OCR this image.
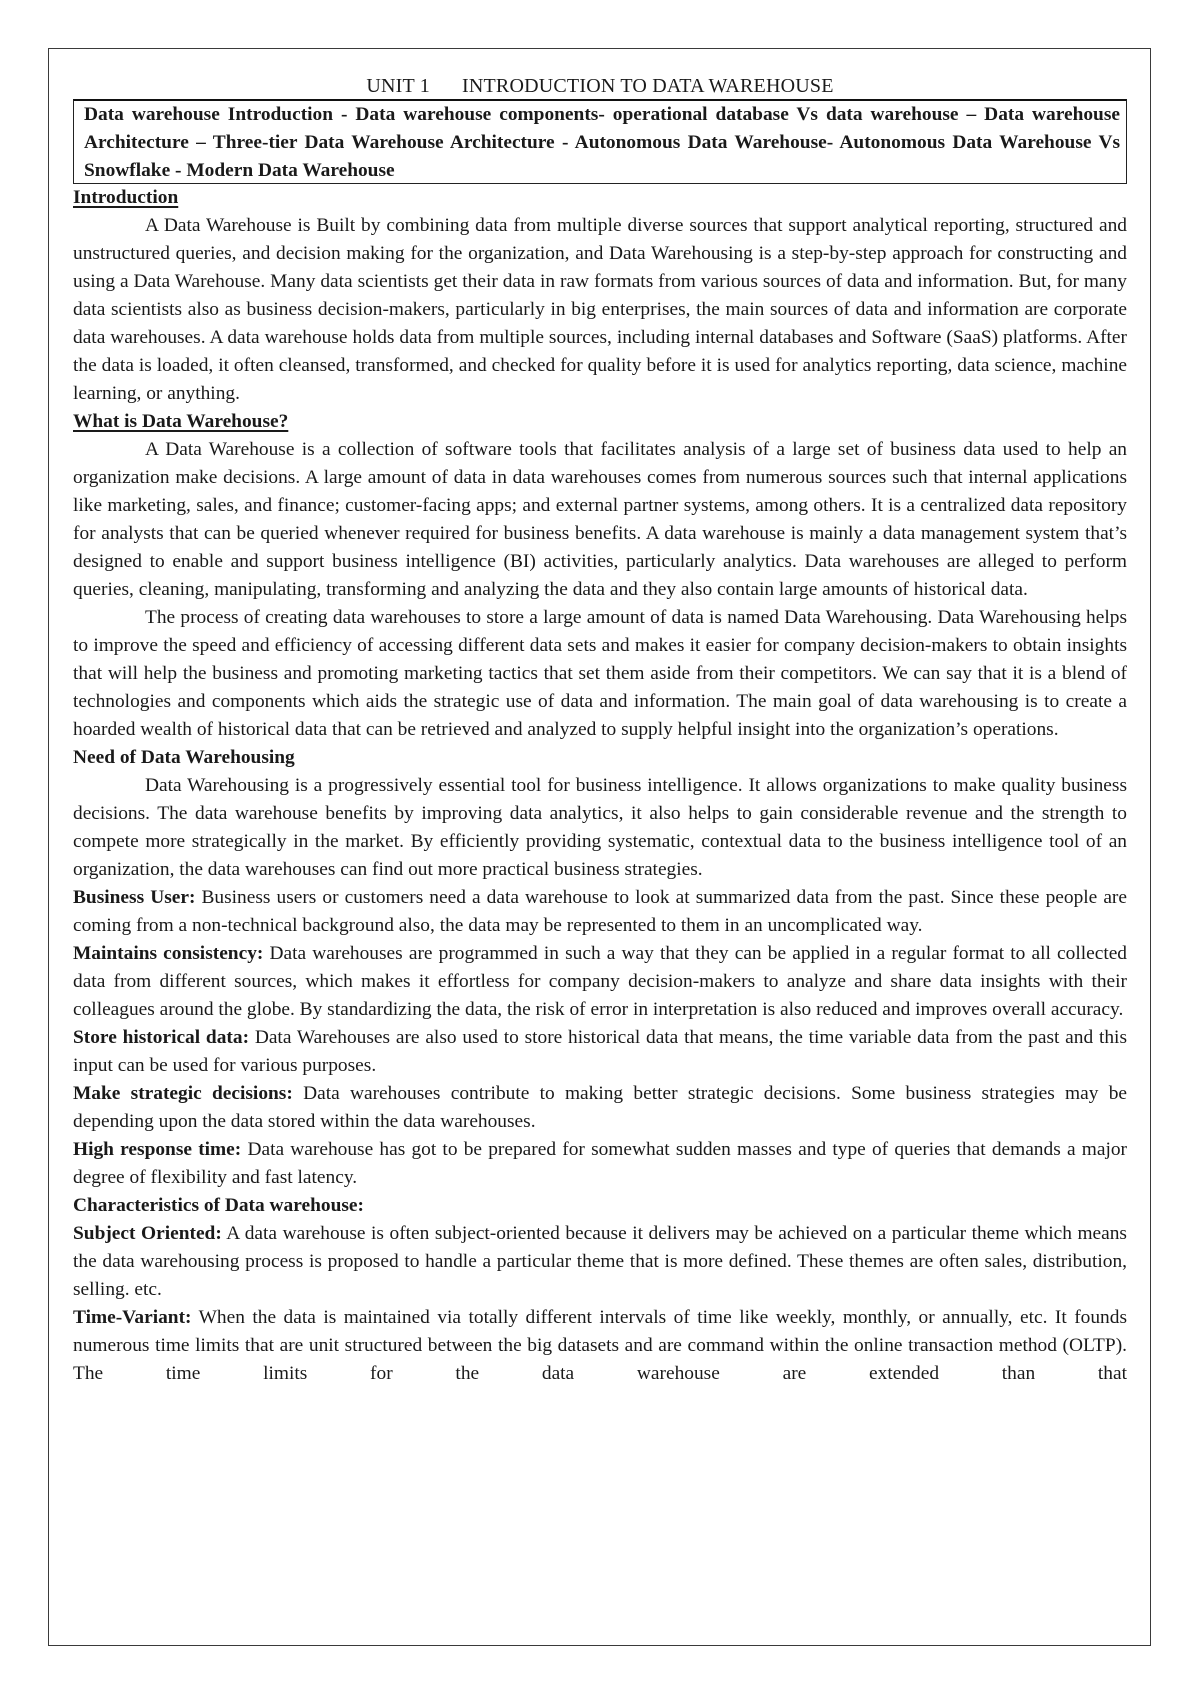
UNIT 1 INTRODUCTION TO DATA WAREHOUSE
Data warehouse Introduction - Data warehouse components- operational database Vs data warehouse – Data warehouse Architecture – Three-tier Data Warehouse Architecture - Autonomous Data Warehouse- Autonomous Data Warehouse Vs Snowflake - Modern Data Warehouse
Introduction

A Data Warehouse is Built by combining data from multiple diverse sources that support analytical reporting, structured and unstructured queries, and decision making for the organization, and Data Warehousing is a step-by-step approach for constructing and using a Data Warehouse. Many data scientists get their data in raw formats from various sources of data and information. But, for many data scientists also as business decision-makers, particularly in big enterprises, the main sources of data and information are corporate data warehouses. A data warehouse holds data from multiple sources, including internal databases and Software (SaaS) platforms. After the data is loaded, it often cleansed, transformed, and checked for quality before it is used for analytics reporting, data science, machine learning, or anything.

What is Data Warehouse?

A Data Warehouse is a collection of software tools that facilitates analysis of a large set of business data used to help an organization make decisions. A large amount of data in data warehouses comes from numerous sources such that internal applications like marketing, sales, and finance; customer-facing apps; and external partner systems, among others. It is a centralized data repository for analysts that can be queried whenever required for business benefits. A data warehouse is mainly a data management system that’s designed to enable and support business intelligence (BI) activities, particularly analytics. Data warehouses are alleged to perform queries, cleaning, manipulating, transforming and analyzing the data and they also contain large amounts of historical data.

The process of creating data warehouses to store a large amount of data is named Data Warehousing. Data Warehousing helps to improve the speed and efficiency of accessing different data sets and makes it easier for company decision-makers to obtain insights that will help the business and promoting marketing tactics that set them aside from their competitors. We can say that it is a blend of technologies and components which aids the strategic use of data and information. The main goal of data warehousing is to create a hoarded wealth of historical data that can be retrieved and analyzed to supply helpful insight into the organization’s operations.

Need of Data Warehousing

Data Warehousing is a progressively essential tool for business intelligence. It allows organizations to make quality business decisions. The data warehouse benefits by improving data analytics, it also helps to gain considerable revenue and the strength to compete more strategically in the market. By efficiently providing systematic, contextual data to the business intelligence tool of an organization, the data warehouses can find out more practical business strategies.

Business User: Business users or customers need a data warehouse to look at summarized data from the past. Since these people are coming from a non-technical background also, the data may be represented to them in an uncomplicated way.

Maintains consistency: Data warehouses are programmed in such a way that they can be applied in a regular format to all collected data from different sources, which makes it effortless for company decision-makers to analyze and share data insights with their colleagues around the globe. By standardizing the data, the risk of error in interpretation is also reduced and improves overall accuracy.

Store historical data: Data Warehouses are also used to store historical data that means, the time variable data from the past and this input can be used for various purposes.

Make strategic decisions: Data warehouses contribute to making better strategic decisions. Some business strategies may be depending upon the data stored within the data warehouses.

High response time: Data warehouse has got to be prepared for somewhat sudden masses and type of queries that demands a major degree of flexibility and fast latency.

Characteristics of Data warehouse:

Subject Oriented: A data warehouse is often subject-oriented because it delivers may be achieved on a particular theme which means the data warehousing process is proposed to handle a particular theme that is more defined. These themes are often sales, distribution, selling. etc.

Time-Variant: When the data is maintained via totally different intervals of time like weekly, monthly, or annually, etc. It founds numerous time limits that are unit structured between the big datasets and are command within the online transaction method (OLTP). The time limits for the data warehouse are extended than that
